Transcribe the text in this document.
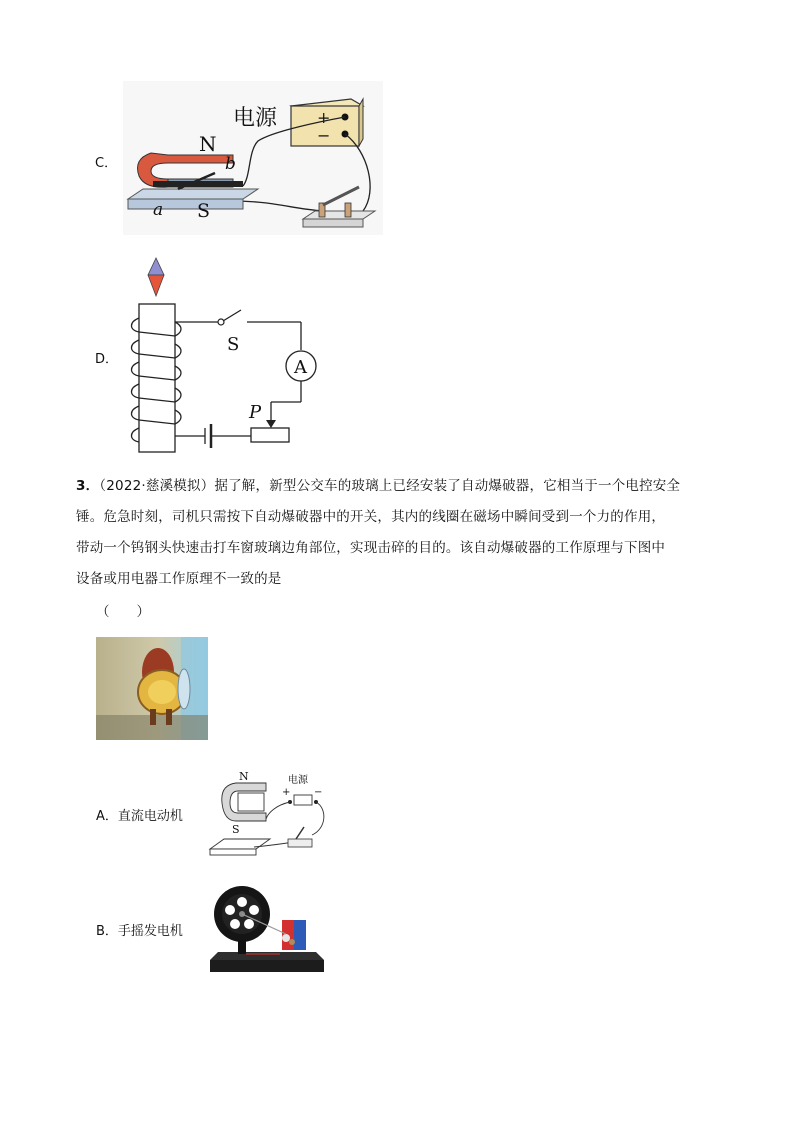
C．
电源 +
−
N
b
a S
D．
S
A
P
3．（2022·慈溪模拟）据了解，新型公交车的玻璃上已经安装了自动爆破器，它相当于一个电控安全
锤。危急时刻，司机只需按下自动爆破器中的开关，其内的线圈在磁场中瞬间受到一个力的作用，
带动一个钨钢头快速击打车窗玻璃边角部位，实现击碎的目的。该自动爆破器的工作原理与下图中
设备或用电器工作原理不一致的是
（　　）
A．直流电动机
N
S
电源
+ −
B．手摇发电机
